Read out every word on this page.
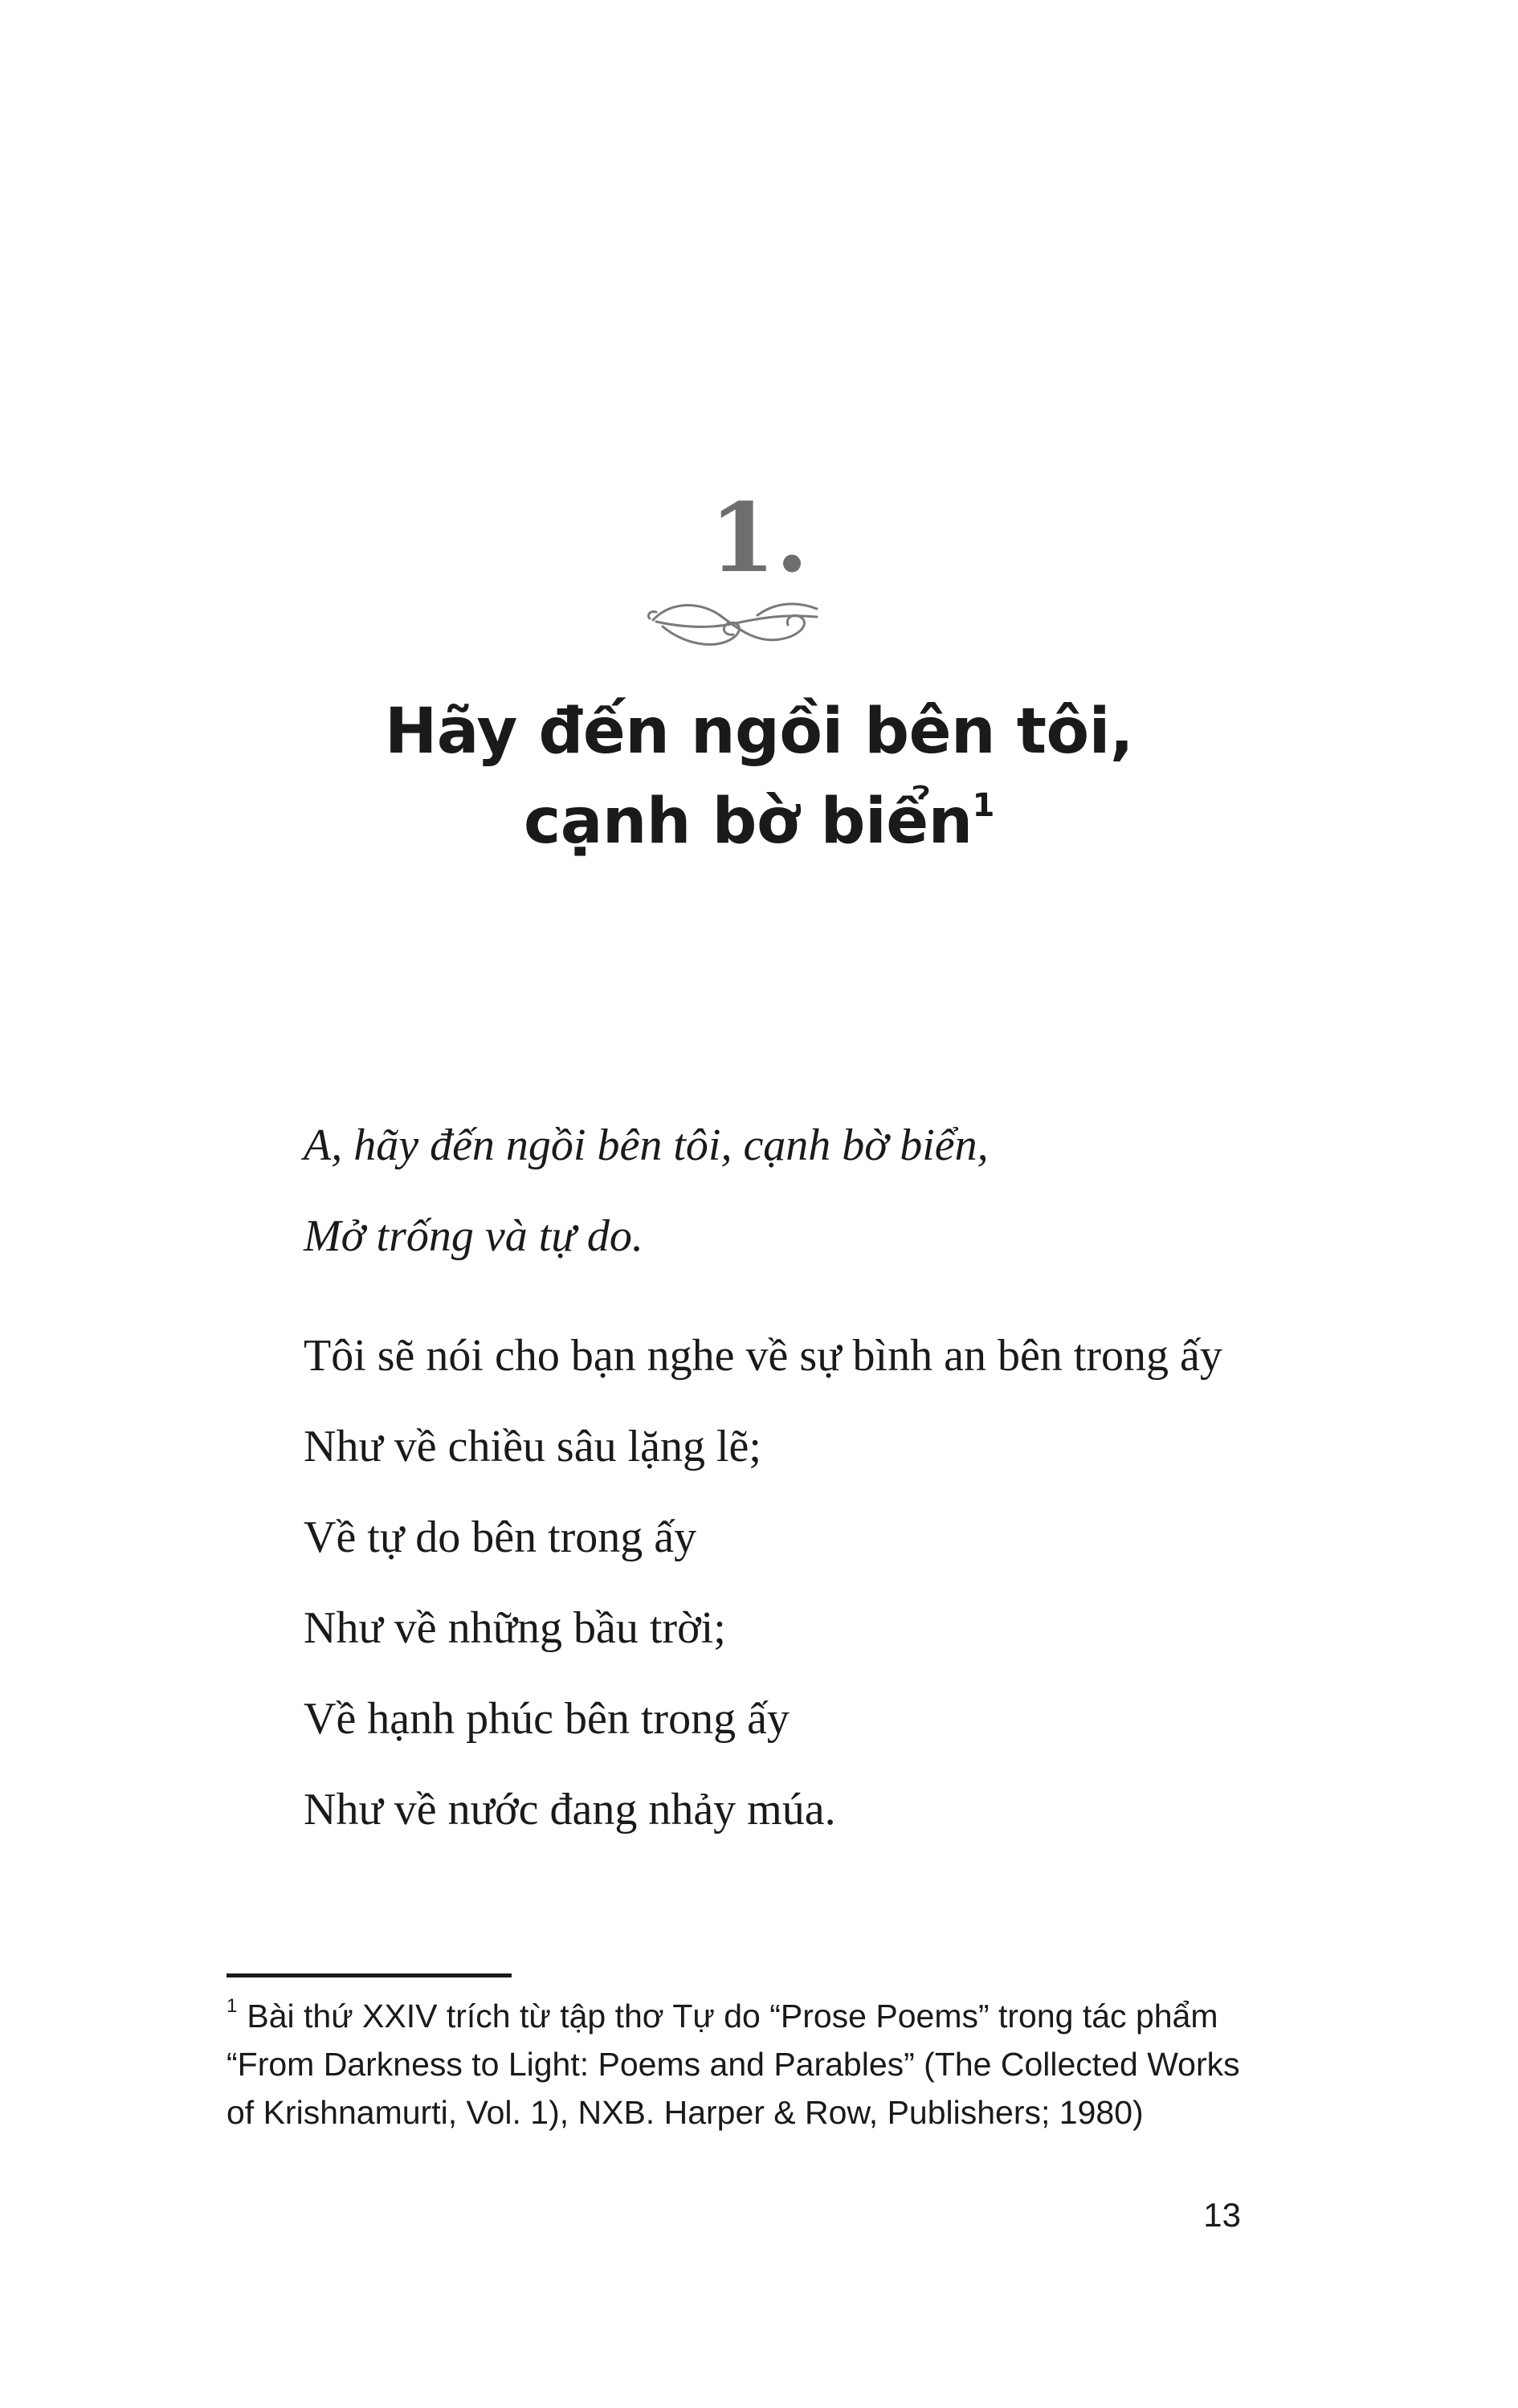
1.
Hãy đến ngồi bên tôi,
cạnh bờ biển$^1$
A, hãy đến ngồi bên tôi, cạnh bờ biển,
Mở trống và tự do.
Tôi sẽ nói cho bạn nghe về sự bình an bên trong ấy
Như về chiều sâu lặng lẽ;
Về tự do bên trong ấy
Như về những bầu trời;
Về hạnh phúc bên trong ấy
Như về nước đang nhảy múa.
$^1$ Bài thứ XXIV trích từ tập thơ Tự do “Prose Poems” trong tác phẩm
“From Darkness to Light: Poems and Parables” (The Collected Works
of Krishnamurti, Vol. 1), NXB. Harper & Row, Publishers; 1980)
13
